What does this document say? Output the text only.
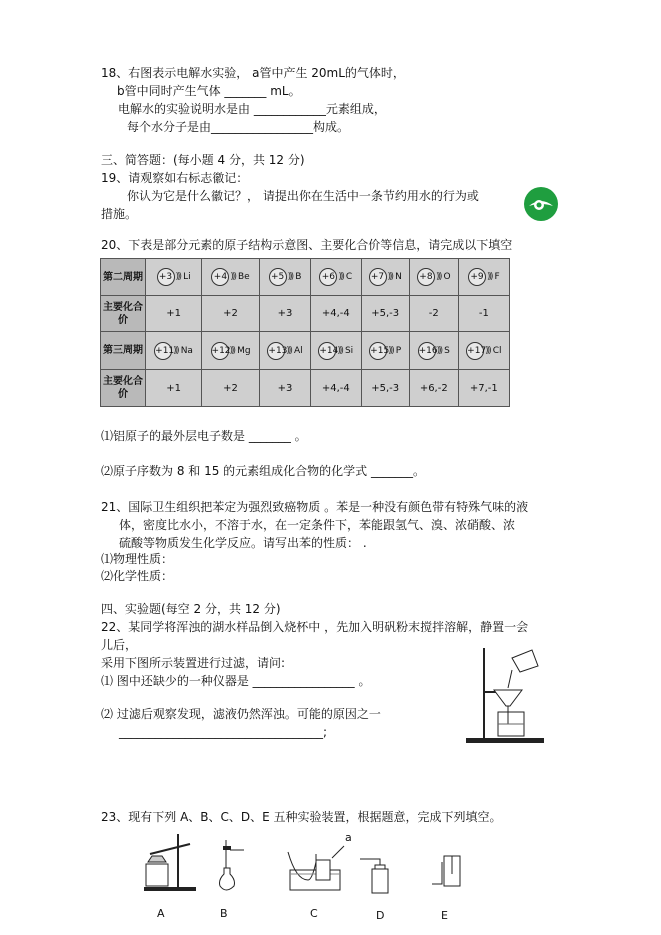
18、右图表示电解水实验， a管中产生 20mL的气体时，
b管中同时产生气体 _______ mL。
电解水的实验说明水是由 ____________元素组成，
每个水分子是由_________________构成。
三、简答题：(每小题 4 分，共 12 分)
19、请观察如右标志徽记：
你认为它是什么徽记？， 请提出你在生活中一条节约用水的行为或
措施。
20、下表是部分元素的原子结构示意图、主要化合价等信息，请完成以下填空
第二周期	+3 ))) Li	+4 ))) Be	+5 ))) B	+6 ))) C	+7 ))) N	+8 ))) O	+9 ))) F

主要化合价	+1	+2	+3	+4,-4	+5,-3	-2	-1
第三周期	+11 ))) Na	+12 ))) Mg	+13 ))) Al	+14 ))) Si	+15 ))) P	+16 ))) S	+17 ))) Cl

主要化合价	+1	+2	+3	+4,-4	+5,-3	+6,-2	+7,-1
⑴铝原子的最外层电子数是 _______ 。
⑵原子序数为 8 和 15 的元素组成化合物的化学式 _______。
21、国际卫生组织把苯定为强烈致癌物质 。苯是一种没有颜色带有特殊气味的液
体，密度比水小，不溶于水，在一定条件下，苯能跟氢气、溴、浓硝酸、浓
硫酸等物质发生化学反应。请写出苯的性质： .
⑴物理性质：
⑵化学性质：
四、实验题(每空 2 分，共 12 分)
22、某同学将浑浊的湖水样品倒入烧杯中 ，先加入明矾粉末搅拌溶解，静置一会
儿后，
采用下图所示装置进行过滤，请问:
⑴ 图中还缺少的一种仪器是 _________________ 。
⑵ 过滤后观察发现，滤液仍然浑浊。可能的原因之一
__________________________________;
23、现有下列 A、B、C、D、E 五种实验装置，根据题意，完成下列填空。
a
A	B	C	D	E
